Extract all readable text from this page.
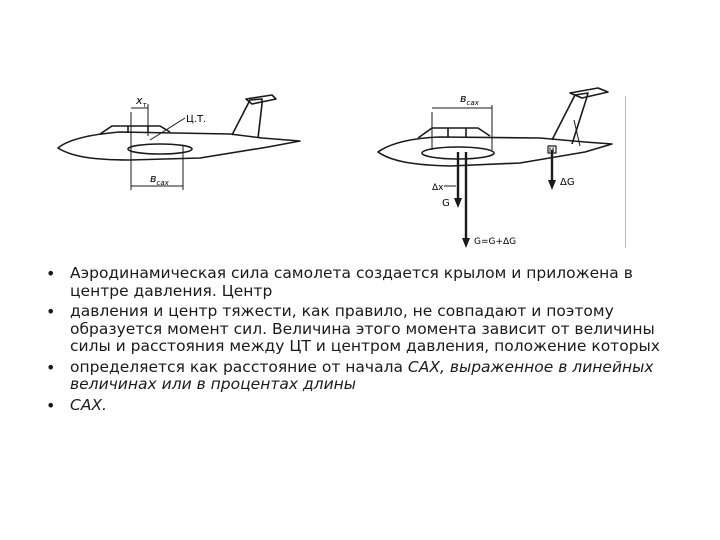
$x_т$
Ц.Т.
$в_{сах}$
$в_{сах}$
M
Δx
G
ΔG
G=G+ΔG
• Аэродинамическая сила самолета создается крылом и приложена в центре давления. Центр
• давления и центр тяжести, как правило, не совпадают и поэтому образуется момент сил. Величина этого момента зависит от величины силы и расстояния между ЦТ и центром давления, положение которых
• определяется как расстояние от начала САХ, выраженное в линейных величинах или в процентах длины
• САХ.
